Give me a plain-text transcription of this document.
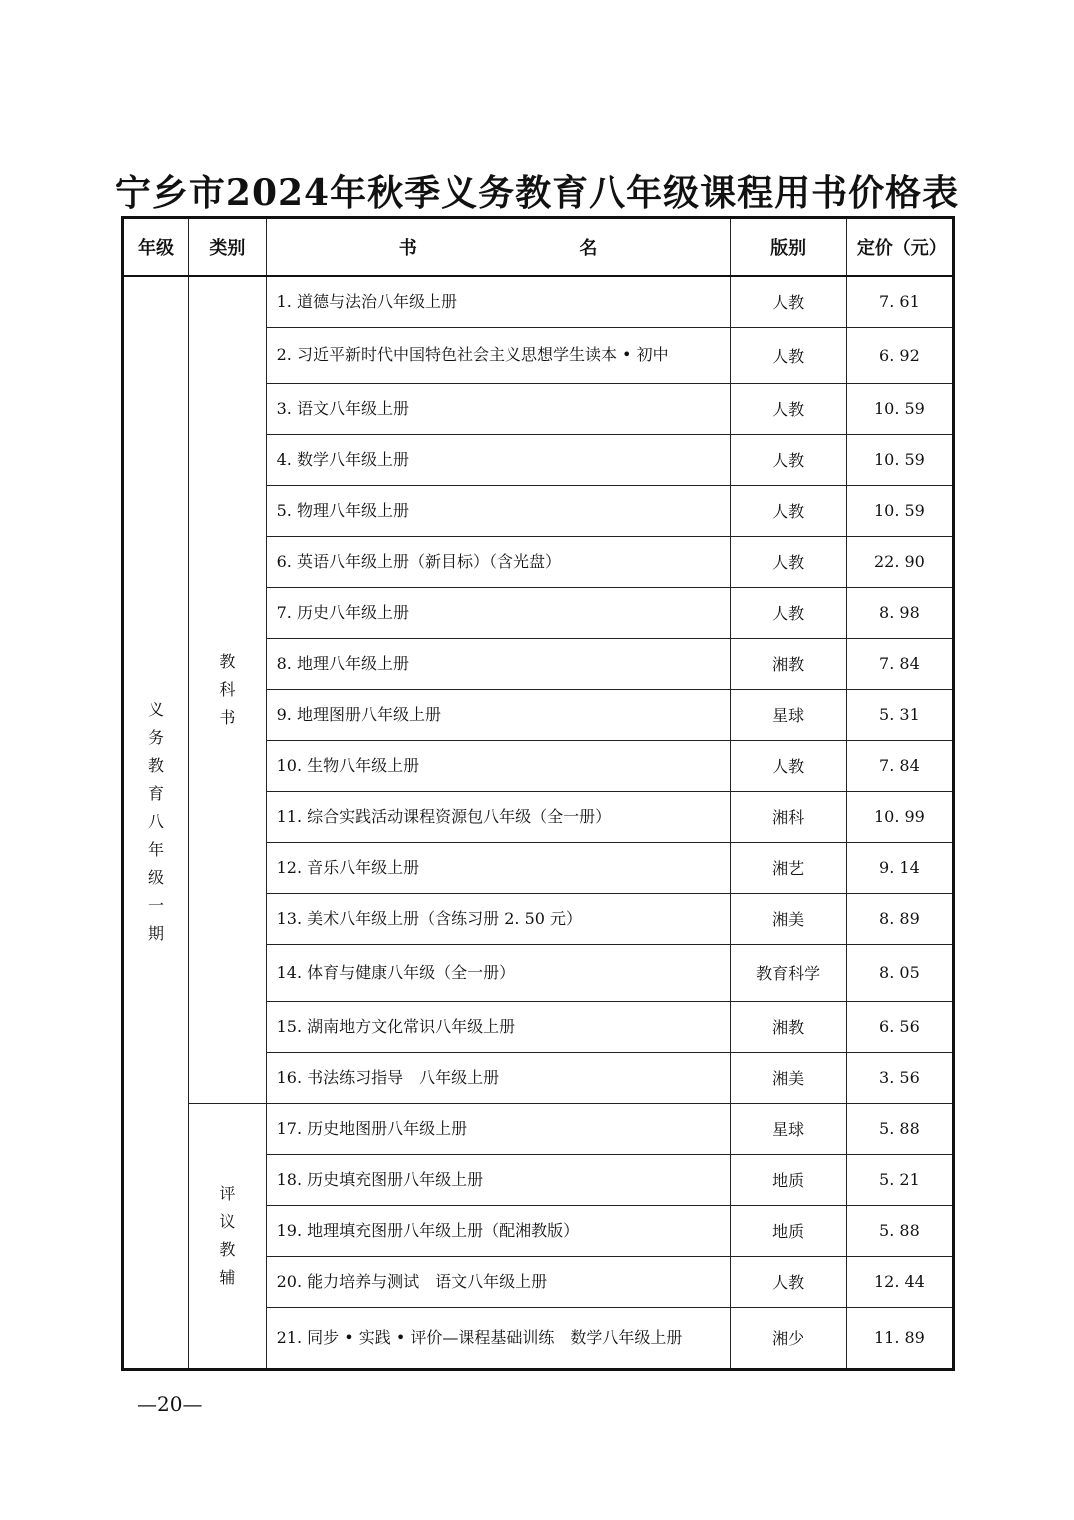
宁乡市2024年秋季义务教育八年级课程用书价格表
年级	类别	书 名	版别	定价（元）
义务教育八年级一期	教科书	1. 道德与法治八年级上册	人教	7. 61
		2. 习近平新时代中国特色社会主义思想学生读本 • 初中	人教	6. 92
		3. 语文八年级上册	人教	10. 59
		4. 数学八年级上册	人教	10. 59
		5. 物理八年级上册	人教	10. 59
		6. 英语八年级上册（新目标）（含光盘）	人教	22. 90
		7. 历史八年级上册	人教	8. 98
		8. 地理八年级上册	湘教	7. 84
		9. 地理图册八年级上册	星球	5. 31
		10. 生物八年级上册	人教	7. 84
		11. 综合实践活动课程资源包八年级（全一册）	湘科	10. 99
		12. 音乐八年级上册	湘艺	9. 14
		13. 美术八年级上册（含练习册 2. 50 元）	湘美	8. 89
		14. 体育与健康八年级（全一册）	教育科学	8. 05
		15. 湖南地方文化常识八年级上册	湘教	6. 56
		16. 书法练习指导　八年级上册	湘美	3. 56
	评议教辅	17. 历史地图册八年级上册	星球	5. 88
		18. 历史填充图册八年级上册	地质	5. 21
		19. 地理填充图册八年级上册（配湘教版）	地质	5. 88
		20. 能力培养与测试　语文八年级上册	人教	12. 44
		21. 同步 • 实践 • 评价—课程基础训练　数学八年级上册	湘少	11. 89
—20—
